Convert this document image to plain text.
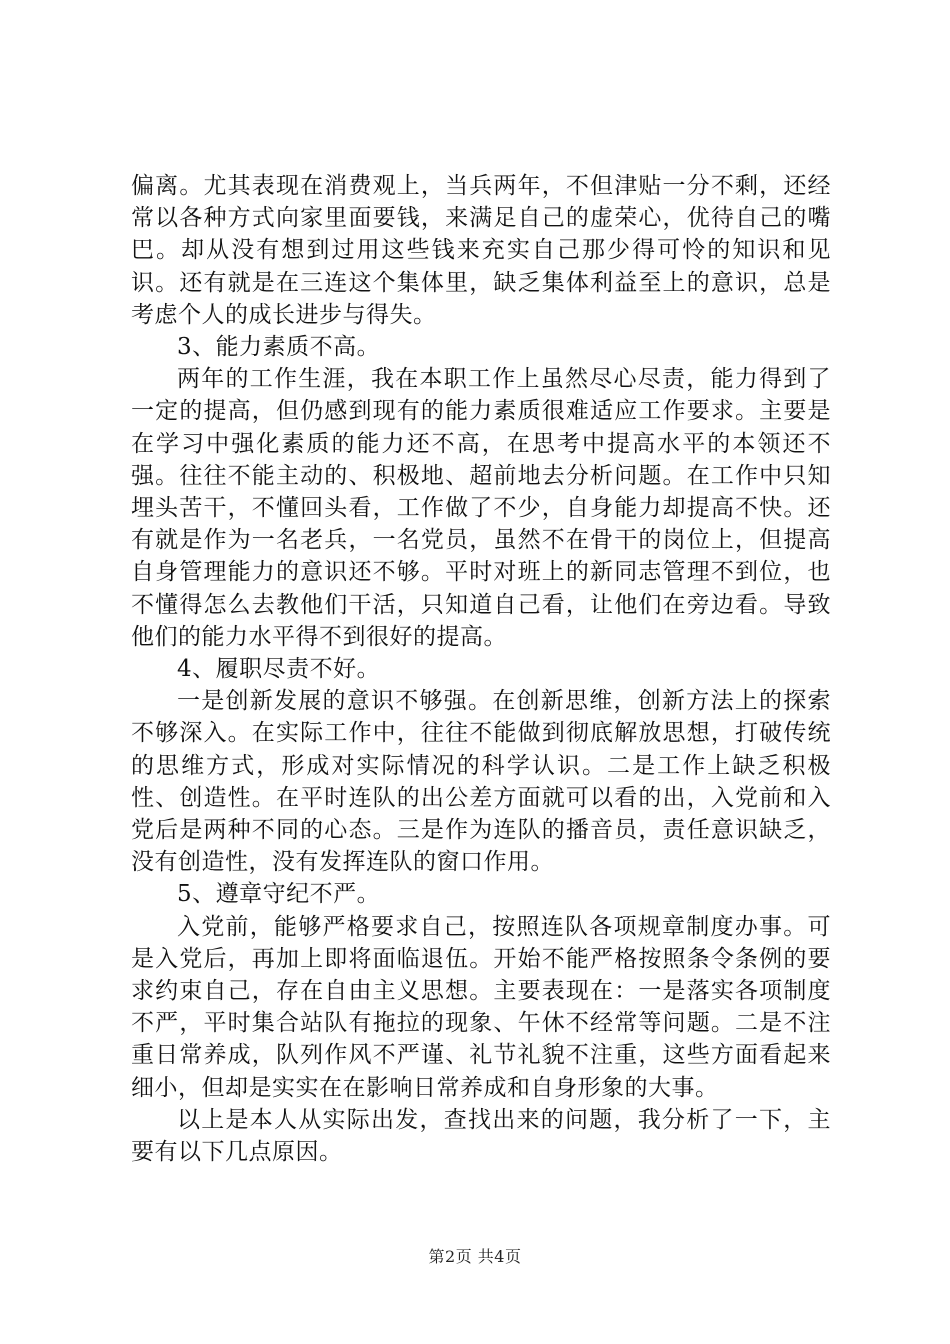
偏离。尤其表现在消费观上，当兵两年，不但津贴一分不剩，还经常以各种方式向家里面要钱，来满足自己的虚荣心，优待自己的嘴巴。却从没有想到过用这些钱来充实自己那少得可怜的知识和见识。还有就是在三连这个集体里，缺乏集体利益至上的意识，总是考虑个人的成长进步与得失。

3、能力素质不高。

两年的工作生涯，我在本职工作上虽然尽心尽责，能力得到了一定的提高，但仍感到现有的能力素质很难适应工作要求。主要是在学习中强化素质的能力还不高，在思考中提高水平的本领还不强。往往不能主动的、积极地、超前地去分析问题。在工作中只知埋头苦干，不懂回头看，工作做了不少，自身能力却提高不快。还有就是作为一名老兵，一名党员，虽然不在骨干的岗位上，但提高自身管理能力的意识还不够。平时对班上的新同志管理不到位，也不懂得怎么去教他们干活，只知道自己看，让他们在旁边看。导致他们的能力水平得不到很好的提高。

4、履职尽责不好。

一是创新发展的意识不够强。在创新思维，创新方法上的探索不够深入。在实际工作中，往往不能做到彻底解放思想，打破传统的思维方式，形成对实际情况的科学认识。二是工作上缺乏积极性、创造性。在平时连队的出公差方面就可以看的出，入党前和入党后是两种不同的心态。三是作为连队的播音员，责任意识缺乏，没有创造性，没有发挥连队的窗口作用。

5、遵章守纪不严。

入党前，能够严格要求自己，按照连队各项规章制度办事。可是入党后，再加上即将面临退伍。开始不能严格按照条令条例的要求约束自己，存在自由主义思想。主要表现在：一是落实各项制度不严，平时集合站队有拖拉的现象、午休不经常等问题。二是不注重日常养成，队列作风不严谨、礼节礼貌不注重，这些方面看起来细小，但却是实实在在影响日常养成和自身形象的大事。

以上是本人从实际出发，查找出来的问题，我分析了一下，主要有以下几点原因。

第2页 共4页
